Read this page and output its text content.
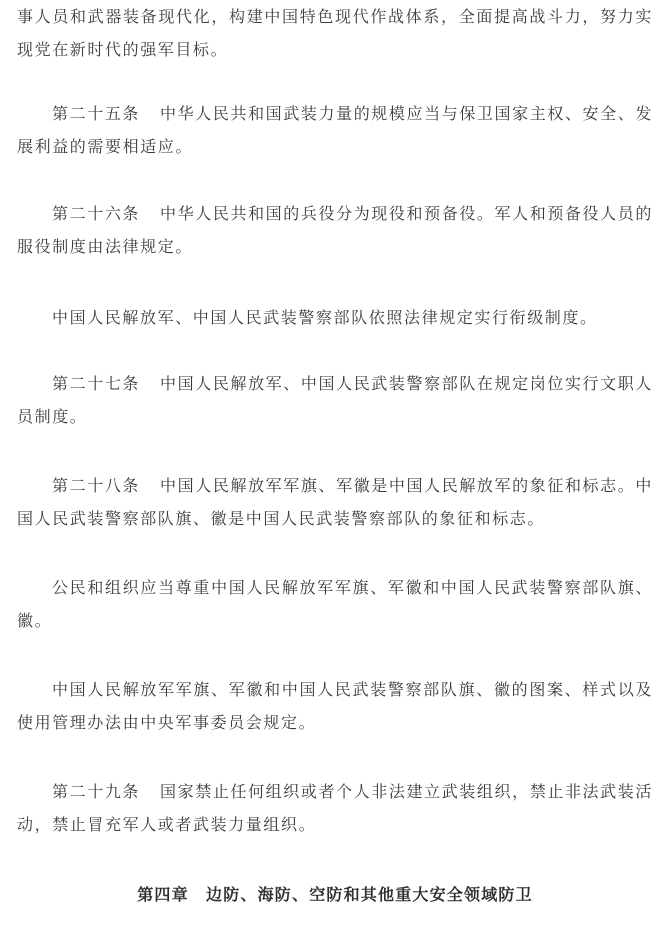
事人员和武器装备现代化，构建中国特色现代作战体系，全面提高战斗力，努力实现党在新时代的强军目标。

第二十五条 中华人民共和国武装力量的规模应当与保卫国家主权、安全、发展利益的需要相适应。

第二十六条 中华人民共和国的兵役分为现役和预备役。军人和预备役人员的服役制度由法律规定。

中国人民解放军、中国人民武装警察部队依照法律规定实行衔级制度。

第二十七条 中国人民解放军、中国人民武装警察部队在规定岗位实行文职人员制度。

第二十八条 中国人民解放军军旗、军徽是中国人民解放军的象征和标志。中国人民武装警察部队旗、徽是中国人民武装警察部队的象征和标志。

公民和组织应当尊重中国人民解放军军旗、军徽和中国人民武装警察部队旗、徽。

中国人民解放军军旗、军徽和中国人民武装警察部队旗、徽的图案、样式以及使用管理办法由中央军事委员会规定。

第二十九条 国家禁止任何组织或者个人非法建立武装组织，禁止非法武装活动，禁止冒充军人或者武装力量组织。

第四章　边防、海防、空防和其他重大安全领域防卫
